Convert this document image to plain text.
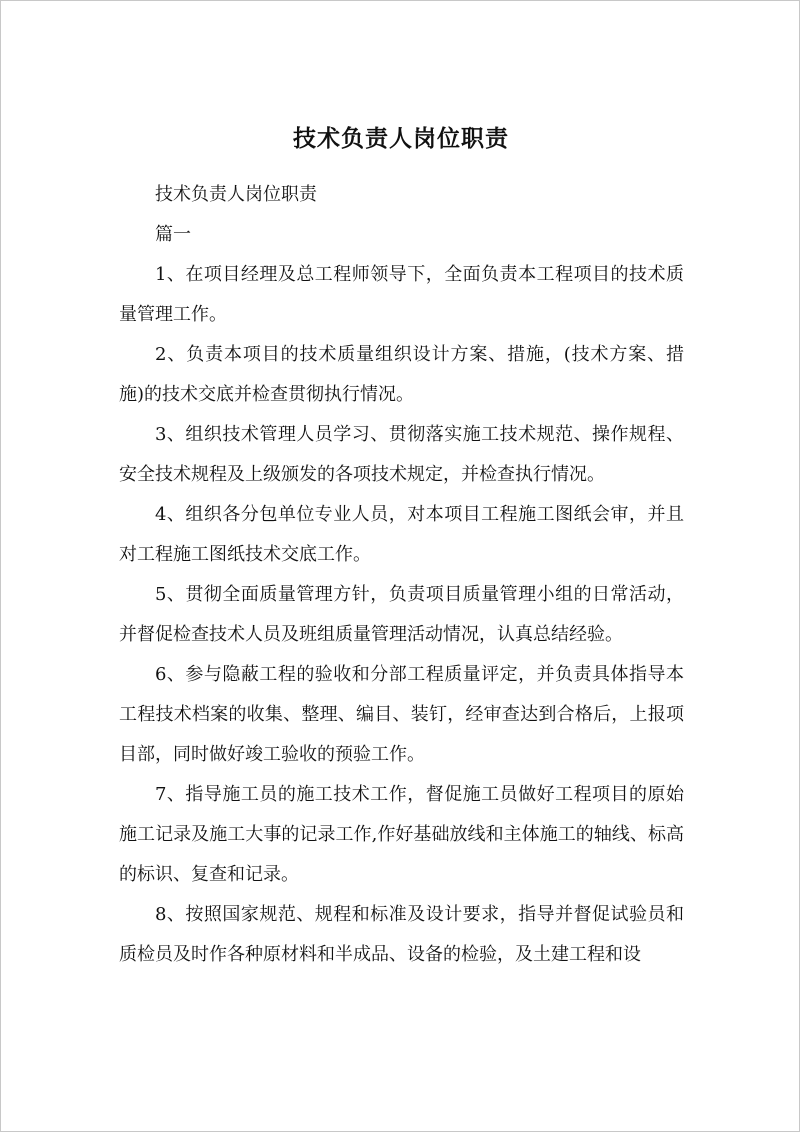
技术负责人岗位职责

技术负责人岗位职责

篇一

1、在项目经理及总工程师领导下，全面负责本工程项目的技术质量管理工作。

2、负责本项目的技术质量组织设计方案、措施，(技术方案、措施)的技术交底并检查贯彻执行情况。

3、组织技术管理人员学习、贯彻落实施工技术规范、操作规程、安全技术规程及上级颁发的各项技术规定，并检查执行情况。

4、组织各分包单位专业人员，对本项目工程施工图纸会审，并且对工程施工图纸技术交底工作。

5、贯彻全面质量管理方针，负责项目质量管理小组的日常活动，并督促检查技术人员及班组质量管理活动情况，认真总结经验。

6、参与隐蔽工程的验收和分部工程质量评定，并负责具体指导本工程技术档案的收集、整理、编目、装钉，经审查达到合格后，上报项目部，同时做好竣工验收的预验工作。

7、指导施工员的施工技术工作，督促施工员做好工程项目的原始施工记录及施工大事的记录工作,作好基础放线和主体施工的轴线、标高的标识、复查和记录。

8、按照国家规范、规程和标准及设计要求，指导并督促试验员和质检员及时作各种原材料和半成品、设备的检验，及土建工程和设
